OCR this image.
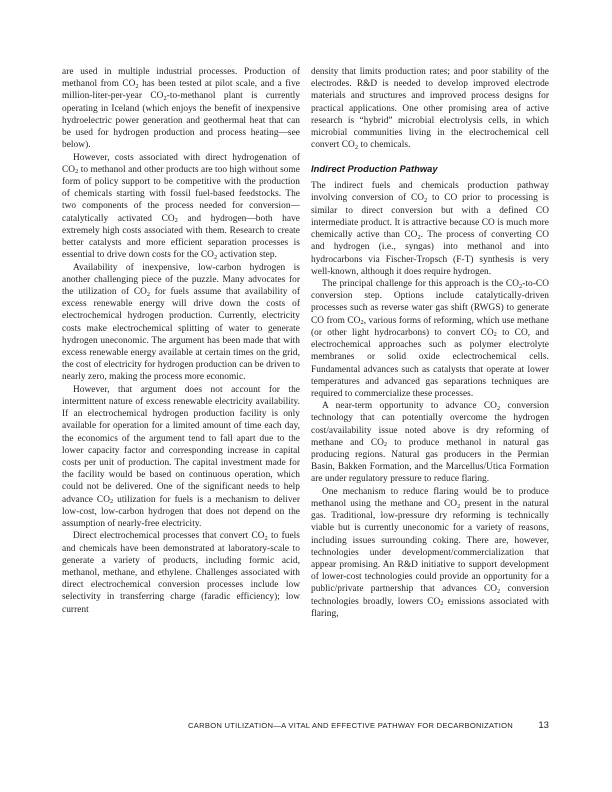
are used in multiple industrial processes. Production of methanol from $CO_2$ has been tested at pilot scale, and a five million-liter-per-year $CO_2-to$-methanol plant is currently operating in Iceland (which enjoys the benefit of inexpensive hydroelectric power generation and geothermal heat that can be used for hydrogen production and process heating—see below).

However, costs associated with direct hydrogenation of $CO_2$ to methanol and other products are too high without some form of policy support to be competitive with the production of chemicals starting with fossil fuel-based feedstocks. The two components of the process needed for conversion—catalytically activated $CO_2$ and hydrogen—both have extremely high costs associated with them. Research to create better catalysts and more efficient separation processes is essential to drive down costs for the $CO_2$ activation step.

Availability of inexpensive, low-carbon hydrogen is another challenging piece of the puzzle. Many advocates for the utilization of $CO_2$ for fuels assume that availability of excess renewable energy will drive down the costs of electrochemical hydrogen production. Currently, electricity costs make electrochemical splitting of water to generate hydrogen uneconomic. The argument has been made that with excess renewable energy available at certain times on the grid, the cost of electricity for hydrogen production can be driven to nearly zero, making the process more economic.

However, that argument does not account for the intermittent nature of excess renewable electricity availability. If an electrochemical hydrogen production facility is only available for operation for a limited amount of time each day, the economics of the argument tend to fall apart due to the lower capacity factor and corresponding increase in capital costs per unit of production. The capital investment made for the facility would be based on continuous operation, which could not be delivered. One of the significant needs to help advance $CO_2$ utilization for fuels is a mechanism to deliver low-cost, low-carbon hydrogen that does not depend on the assumption of nearly-free electricity.

Direct electrochemical processes that convert $CO_2$ to fuels and chemicals have been demonstrated at laboratory-scale to generate a variety of products, including formic acid, methanol, methane, and ethylene. Challenges associated with direct electrochemical conversion processes include low selectivity in transferring charge (faradic efficiency); low current

density that limits production rates; and poor stability of the electrodes. R&D is needed to develop improved electrode materials and structures and improved process designs for practical applications. One other promising area of active research is “hybrid” microbial electrolysis cells, in which microbial communities living in the electrochemical cell convert $CO_2$ to chemicals.

Indirect Production Pathway

The indirect fuels and chemicals production pathway involving conversion of $CO_2$ to CO prior to processing is similar to direct conversion but with a defined CO intermediate product. It is attractive because CO is much more chemically active than $CO_2$. The process of converting CO and hydrogen (i.e., syngas) into methanol and into hydrocarbons via Fischer-Tropsch (F-T) synthesis is very well-known, although it does require hydrogen.

The principal challenge for this approach is the $CO_2-to-CO$ conversion step. Options include catalytically-driven processes such as reverse water gas shift (RWGS) to generate CO from $CO_2$, various forms of reforming, which use methane (or other light hydrocarbons) to convert $CO_2$ to CO, and electrochemical approaches such as polymer electrolyte membranes or solid oxide eclectrochemical cells. Fundamental advances such as catalysts that operate at lower temperatures and advanced gas separations techniques are required to commercialize these processes.

A near-term opportunity to advance $CO_2$ conversion technology that can potentially overcome the hydrogen cost/availability issue noted above is dry reforming of methane and $CO_2$ to produce methanol in natural gas producing regions. Natural gas producers in the Permian Basin, Bakken Formation, and the Marcellus/Utica Formation are under regulatory pressure to reduce flaring.

One mechanism to reduce flaring would be to produce methanol using the methane and $CO_2$ present in the natural gas. Traditional, low-pressure dry reforming is technically viable but is currently uneconomic for a variety of reasons, including issues surrounding coking. There are, however, technologies under development/commercialization that appear promising. An R&D initiative to support development of lower-cost technologies could provide an opportunity for a public/private partnership that advances $CO_2$ conversion technologies broadly, lowers $CO_2$ emissions associated with flaring,

CARBON UTILIZATION—A VITAL AND EFFECTIVE PATHWAY FOR DECARBONIZATION	13
